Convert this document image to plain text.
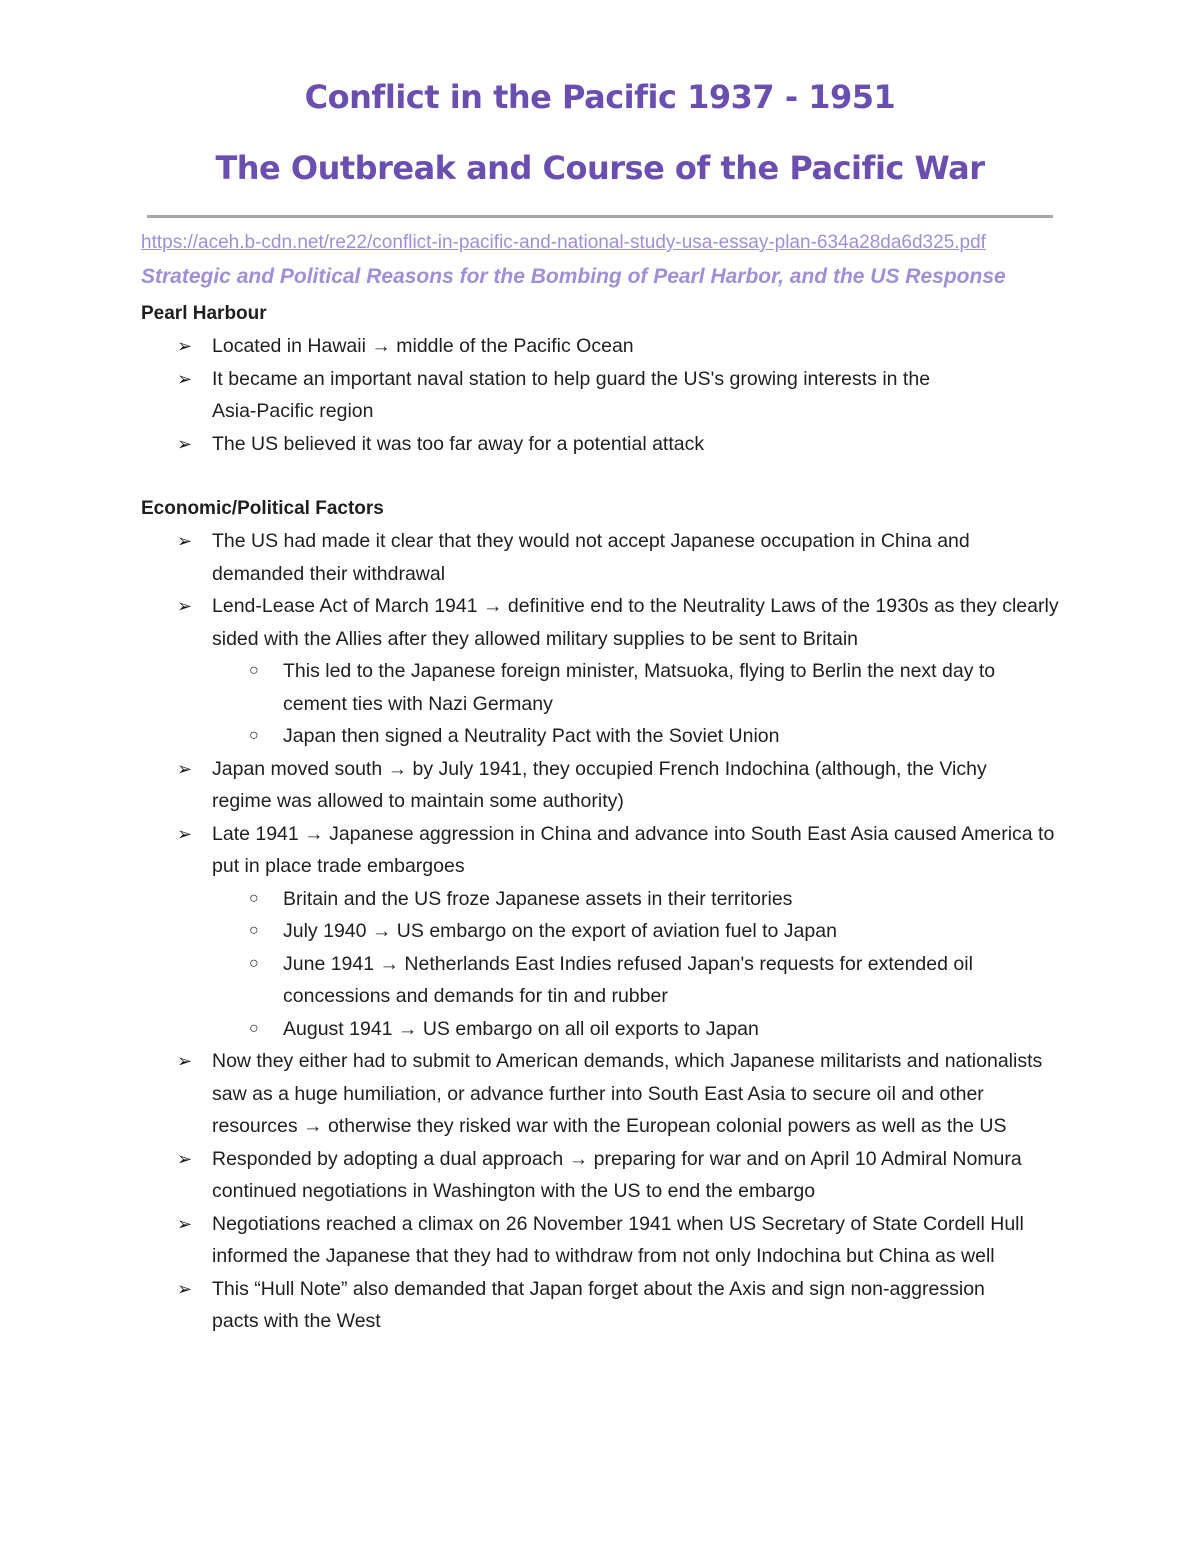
Conflict in the Pacific 1937 - 1951
The Outbreak and Course of the Pacific War
https://aceh.b-cdn.net/re22/conflict-in-pacific-and-national-study-usa-essay-plan-634a28da6d325.pdf
Strategic and Political Reasons for the Bombing of Pearl Harbor, and the US Response
Pearl Harbour
➢ Located in Hawaii → middle of the Pacific Ocean
➢ It became an important naval station to help guard the US's growing interests in the Asia-Pacific region
➢ The US believed it was too far away for a potential attack
Economic/Political Factors
➢ The US had made it clear that they would not accept Japanese occupation in China and demanded their withdrawal
➢ Lend-Lease Act of March 1941 → definitive end to the Neutrality Laws of the 1930s as they clearly sided with the Allies after they allowed military supplies to be sent to Britain
○ This led to the Japanese foreign minister, Matsuoka, flying to Berlin the next day to cement ties with Nazi Germany
○ Japan then signed a Neutrality Pact with the Soviet Union
➢ Japan moved south → by July 1941, they occupied French Indochina (although, the Vichy regime was allowed to maintain some authority)
➢ Late 1941 → Japanese aggression in China and advance into South East Asia caused America to put in place trade embargoes
○ Britain and the US froze Japanese assets in their territories
○ July 1940 → US embargo on the export of aviation fuel to Japan
○ June 1941 → Netherlands East Indies refused Japan's requests for extended oil concessions and demands for tin and rubber
○ August 1941 → US embargo on all oil exports to Japan
➢ Now they either had to submit to American demands, which Japanese militarists and nationalists saw as a huge humiliation, or advance further into South East Asia to secure oil and other resources → otherwise they risked war with the European colonial powers as well as the US
➢ Responded by adopting a dual approach → preparing for war and on April 10 Admiral Nomura continued negotiations in Washington with the US to end the embargo
➢ Negotiations reached a climax on 26 November 1941 when US Secretary of State Cordell Hull informed the Japanese that they had to withdraw from not only Indochina but China as well
➢ This “Hull Note” also demanded that Japan forget about the Axis and sign non-aggression pacts with the West
